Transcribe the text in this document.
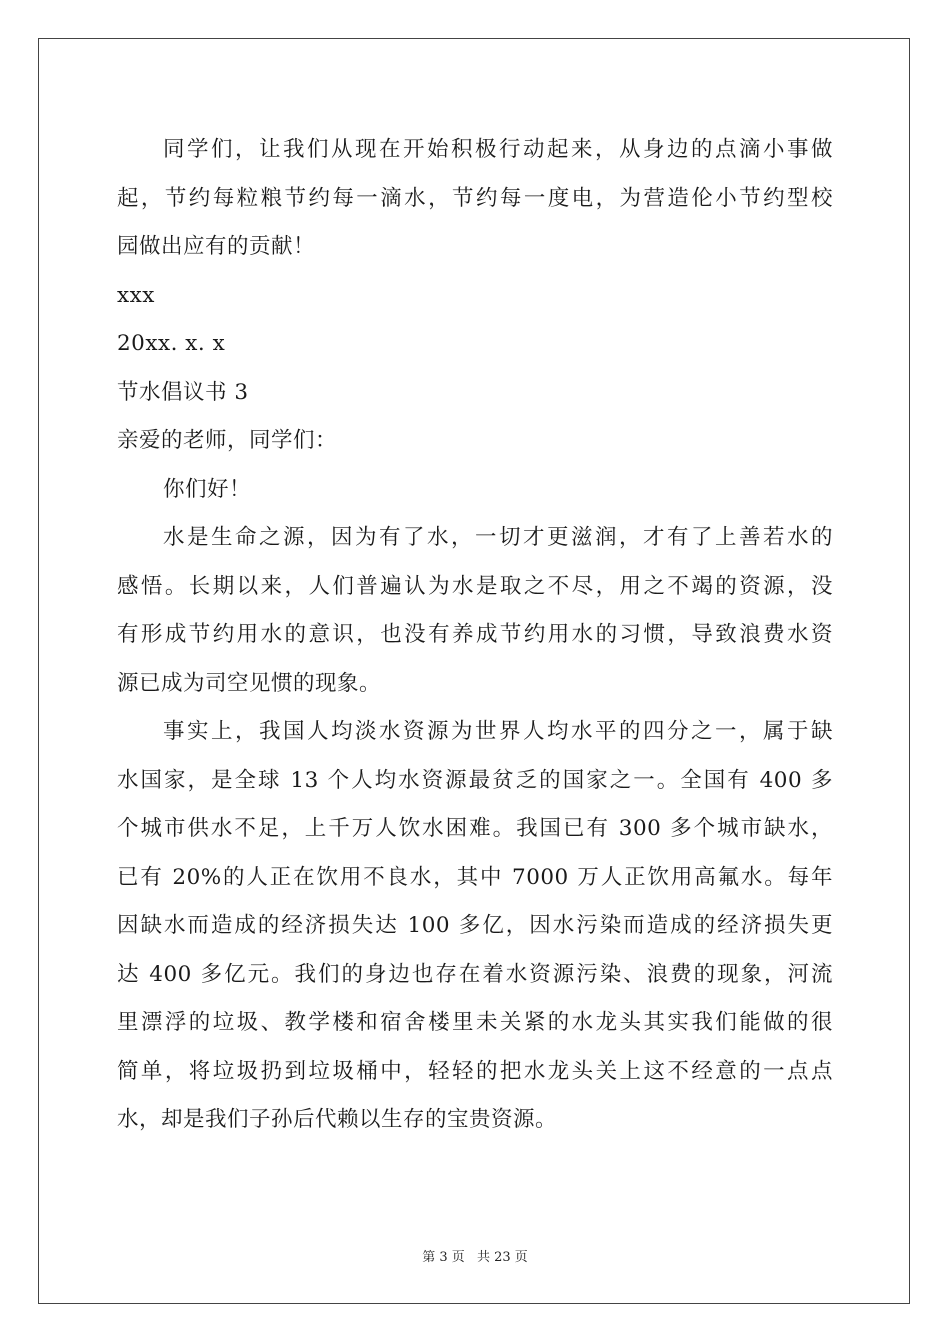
同学们，让我们从现在开始积极行动起来，从身边的点滴小事做
起，节约每粒粮节约每一滴水，节约每一度电，为营造伦小节约型校
园做出应有的贡献！
xxx
20xx. x. x
节水倡议书 3
亲爱的老师，同学们：
你们好！
水是生命之源，因为有了水，一切才更滋润，才有了上善若水的
感悟。长期以来，人们普遍认为水是取之不尽，用之不竭的资源，没
有形成节约用水的意识，也没有养成节约用水的习惯，导致浪费水资
源已成为司空见惯的现象。
事实上，我国人均淡水资源为世界人均水平的四分之一，属于缺
水国家，是全球 13 个人均水资源最贫乏的国家之一。全国有 400 多
个城市供水不足，上千万人饮水困难。我国已有 300 多个城市缺水，
已有 20%的人正在饮用不良水，其中 7000 万人正饮用高氟水。每年
因缺水而造成的经济损失达 100 多亿，因水污染而造成的经济损失更
达 400 多亿元。我们的身边也存在着水资源污染、浪费的现象，河流
里漂浮的垃圾、教学楼和宿舍楼里未关紧的水龙头其实我们能做的很
简单，将垃圾扔到垃圾桶中，轻轻的把水龙头关上这不经意的一点点
水，却是我们子孙后代赖以生存的宝贵资源。
第 3 页 共 23 页
